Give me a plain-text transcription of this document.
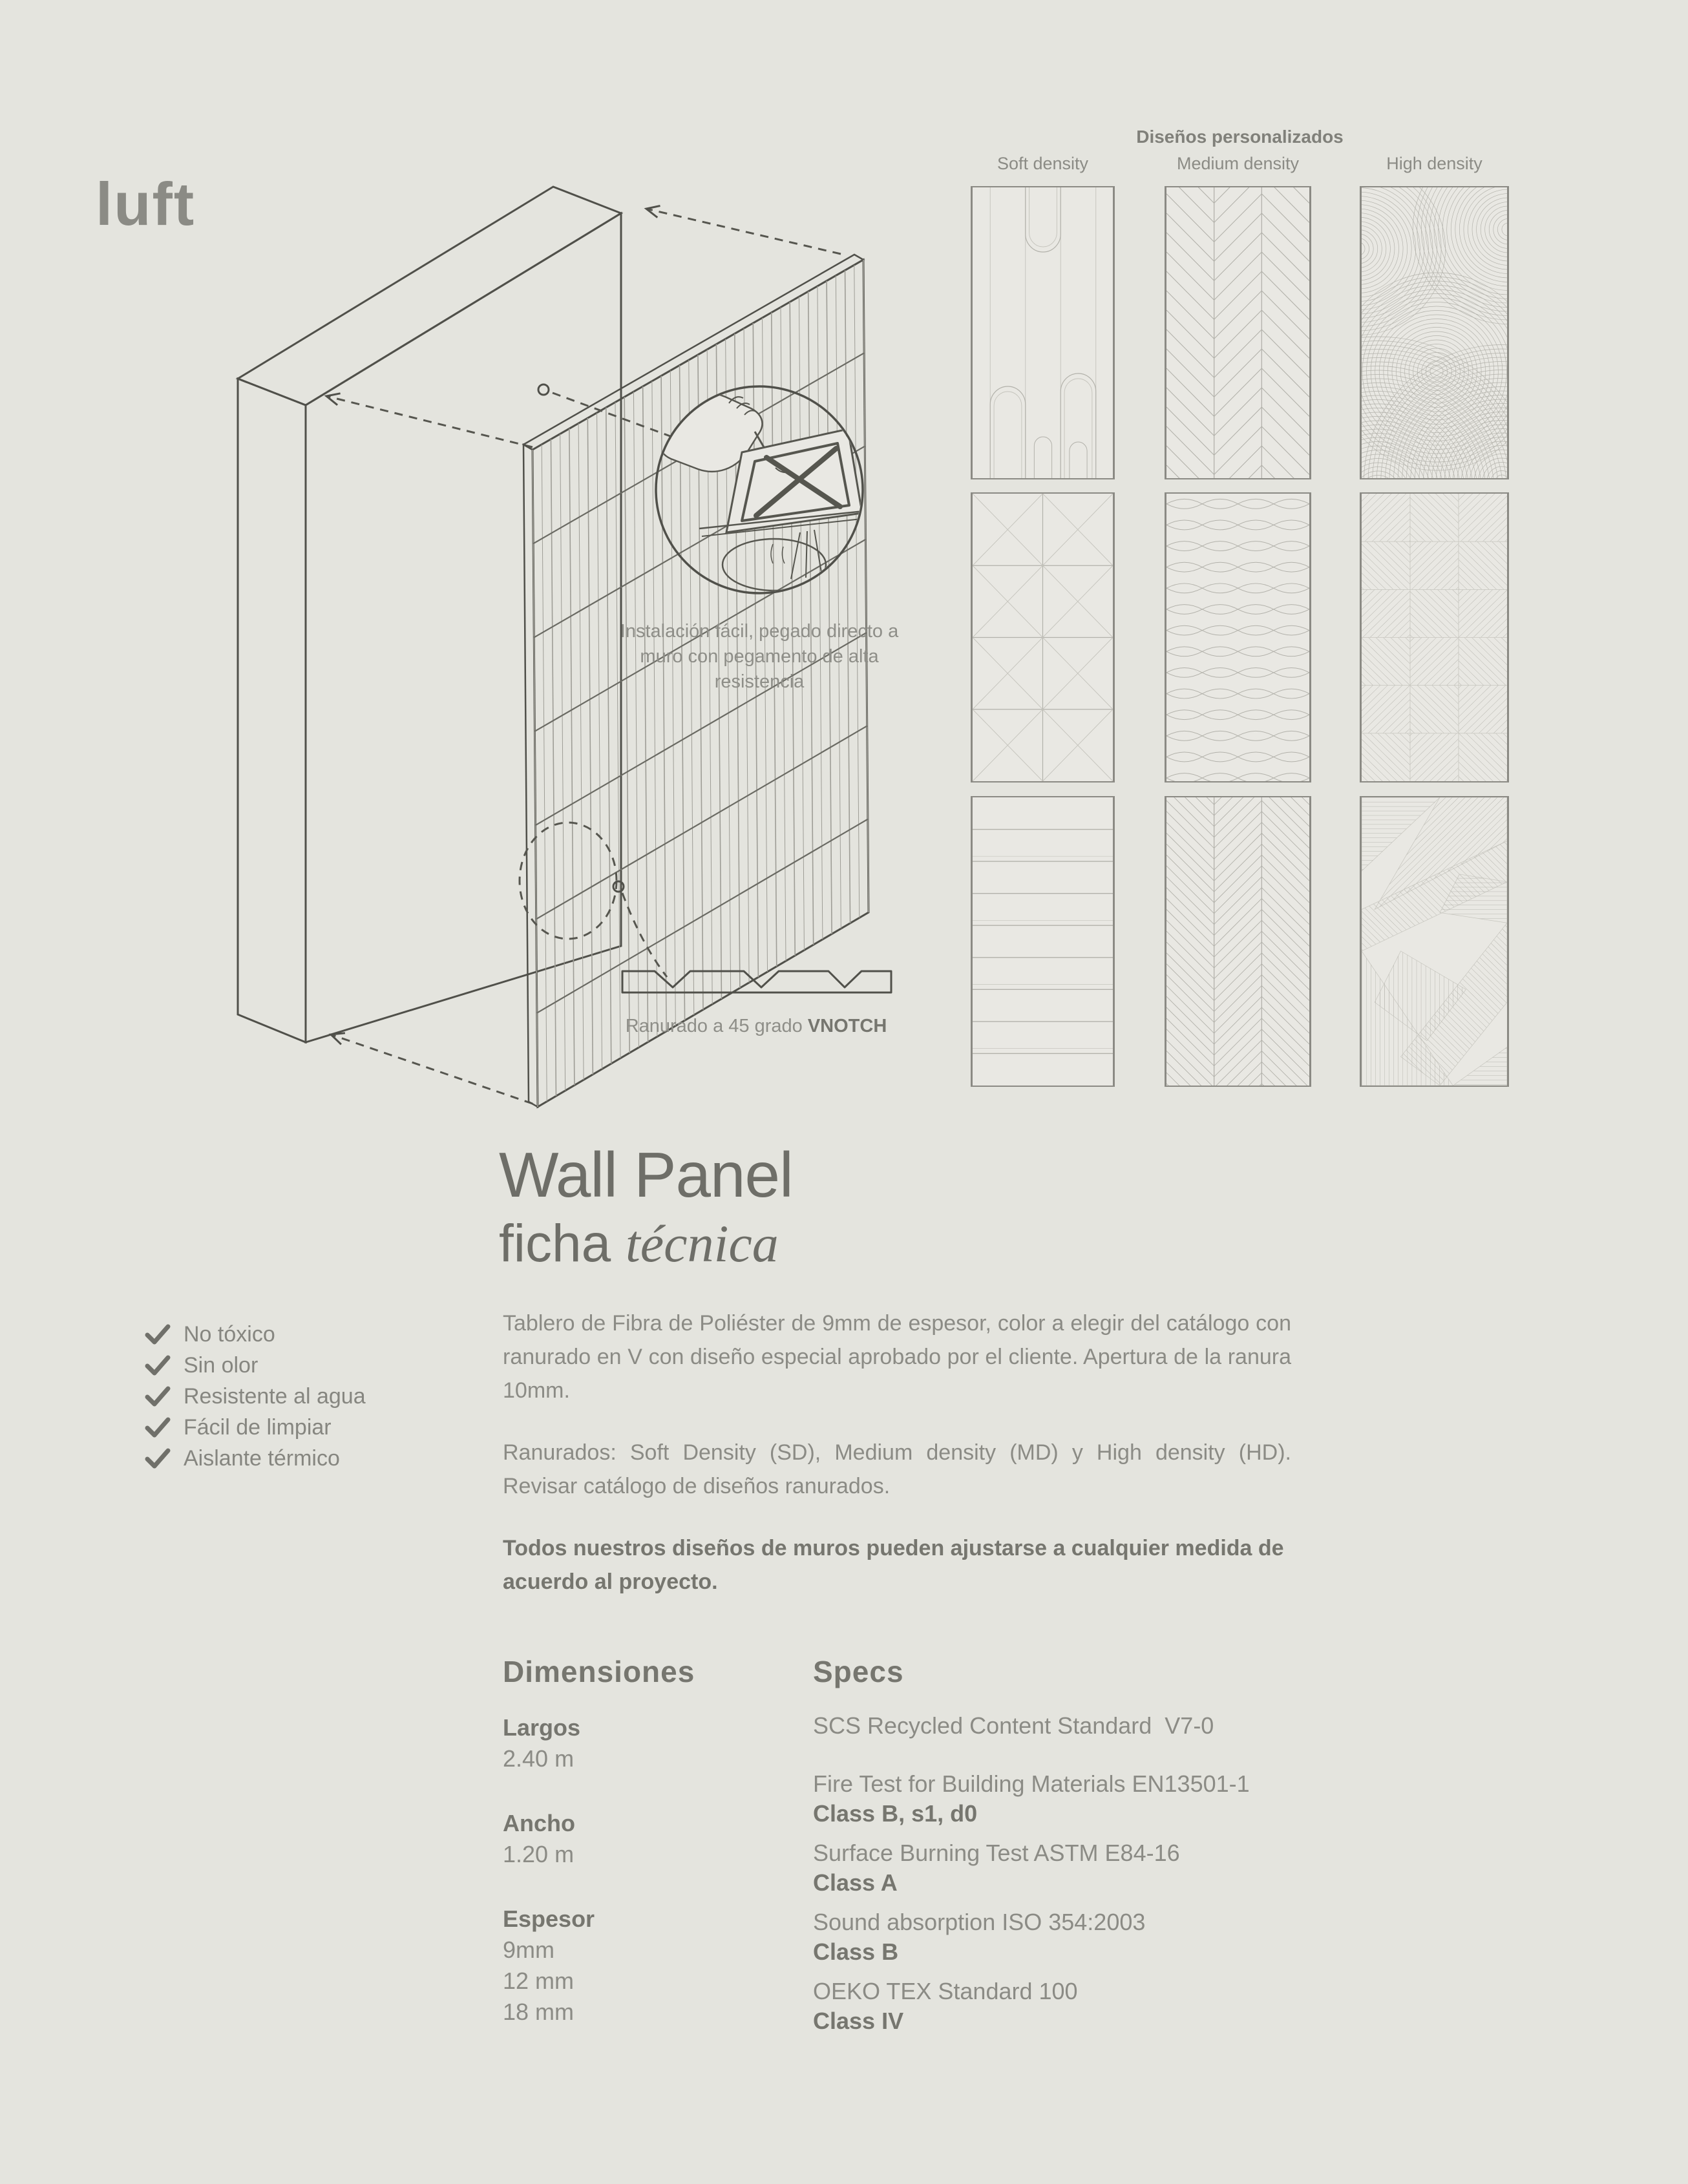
luft
Diseños personalizados
Soft density	Medium density	High density
Instalación fácil, pegado directo a muro con pegamento de alta resistencia
Ranurado a 45 grado VNOTCH
Wall Panel
ficha técnica
No tóxico
Sin olor
Resistente al agua
Fácil de limpiar
Aislante térmico

Tablero de Fibra de Poliéster de 9mm de espesor, color a elegir del catálogo con ranurado en V con diseño especial aprobado por el cliente. Apertura de la ranura 10mm.

Ranurados: Soft Density (SD), Medium density (MD) y High density (HD). Revisar catálogo de diseños ranurados.

Todos nuestros diseños de muros pueden ajustarse a cualquier medida de acuerdo al proyecto.

Dimensiones	Specs
Largos
2.40 m
Ancho
1.20 m
Espesor
9mm
12 mm
18 mm
SCS Recycled Content Standard  V7-0
Fire Test for Building Materials EN13501-1
Class B, s1, d0
Surface Burning Test ASTM E84-16
Class A
Sound absorption ISO 354:2003
Class B
OEKO TEX Standard 100
Class IV
